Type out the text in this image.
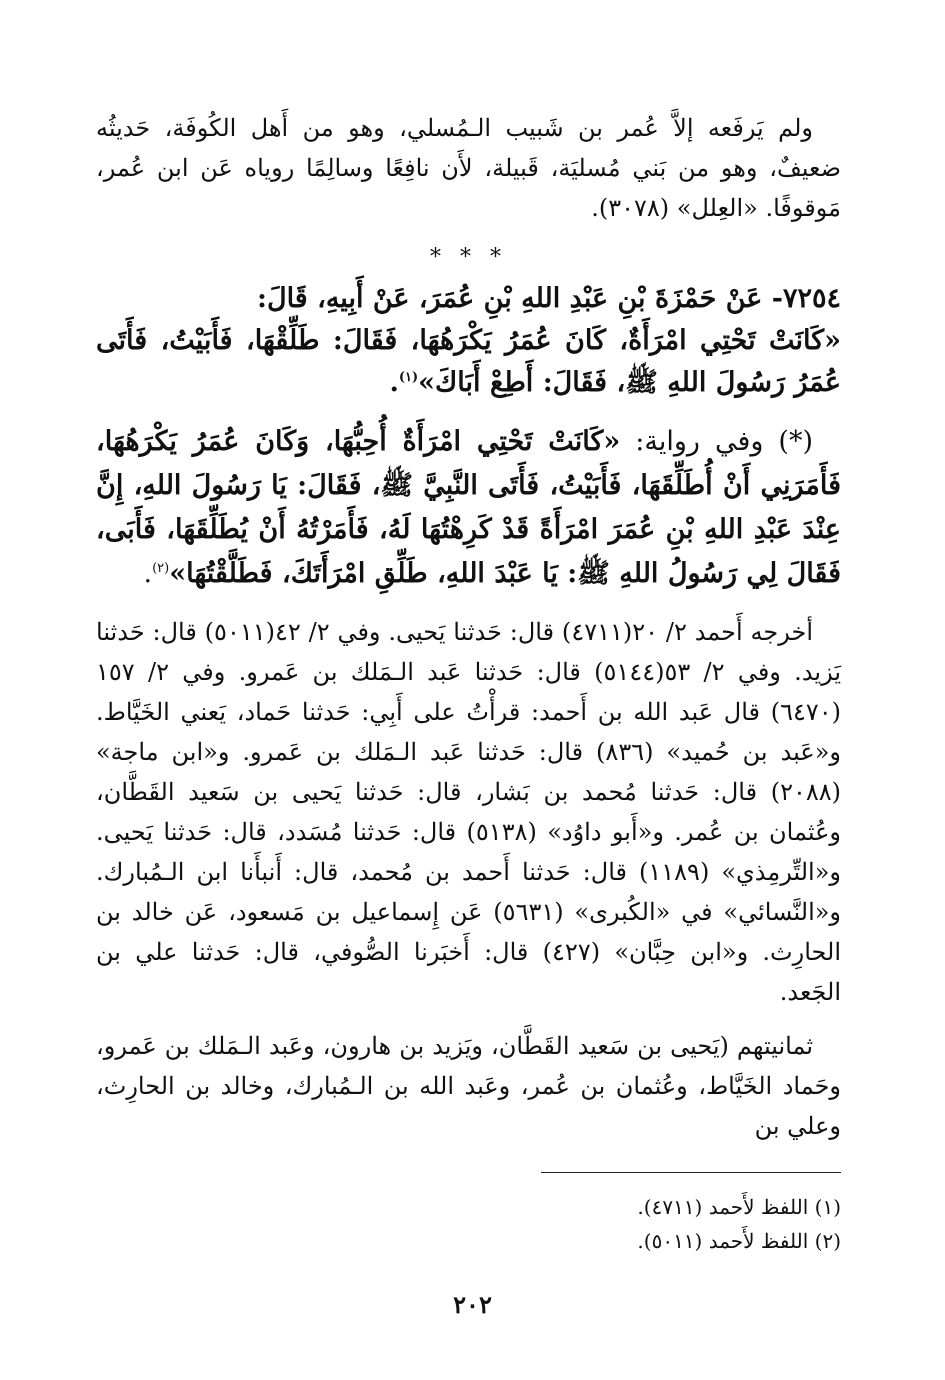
ولم يَرفَعه إلاَّ عُمر بن شَبيب الـمُسلي، وهو من أَهل الكُوفَة، حَديثُه ضعيفٌ، وهو من بَني مُسليَة، قَبيلة، لأَن نافِعًا وسالِمًا روياه عَن ابن عُمر، مَوقوفًا. «العِلل» (٣٠٧٨).

* * *

٧٢٥٤- عَنْ حَمْزَةَ بْنِ عَبْدِ اللهِ بْنِ عُمَرَ، عَنْ أَبِيهِ، قَالَ:

«كَانَتْ تَحْتِي امْرَأَةٌ، كَانَ عُمَرُ يَكْرَهُهَا، فَقَالَ: طَلِّقْهَا، فَأَبَيْتُ، فَأَتَى عُمَرُ رَسُولَ اللهِ ﷺ، فَقَالَ: أَطِعْ أَبَاكَ»$^{(١)}$.

(*) وفي رواية: «كَانَتْ تَحْتِي امْرَأَةٌ أُحِبُّهَا، وَكَانَ عُمَرُ يَكْرَهُهَا، فَأَمَرَنِي أَنْ أُطَلِّقَهَا، فَأَبَيْتُ، فَأَتَى النَّبِيَّ ﷺ، فَقَالَ: يَا رَسُولَ اللهِ، إِنَّ عِنْدَ عَبْدِ اللهِ بْنِ عُمَرَ امْرَأَةً قَدْ كَرِهْتُهَا لَهُ، فَأَمَرْتُهُ أَنْ يُطَلِّقَهَا، فَأَبَى، فَقَالَ لِي رَسُولُ اللهِ ﷺ: يَا عَبْدَ اللهِ، طَلِّقِ امْرَأَتَكَ، فَطَلَّقْتُهَا»$^{(٢)}$.

أخرجه أَحمد ٢/ ٢٠(٤٧١١) قال: حَدثنا يَحيى. وفي ٢/ ٤٢(٥٠١١) قال: حَدثنا يَزيد. وفي ٢/ ٥٣(٥١٤٤) قال: حَدثنا عَبد الـمَلك بن عَمرو. وفي ٢/ ١٥٧ (٦٤٧٠) قال عَبد الله بن أَحمد: قرأْتُ على أَبِي: حَدثنا حَماد، يَعني الخَيَّاط. و«عَبد بن حُميد» (٨٣٦) قال: حَدثنا عَبد الـمَلك بن عَمرو. و«ابن ماجة» (٢٠٨٨) قال: حَدثنا مُحمد بن بَشار، قال: حَدثنا يَحيى بن سَعيد القَطَّان، وعُثمان بن عُمر. و«أَبو داوُد» (٥١٣٨) قال: حَدثنا مُسَدد، قال: حَدثنا يَحيى. و«التِّرمِذي» (١١٨٩) قال: حَدثنا أَحمد بن مُحمد، قال: أَنبأَنا ابن الـمُبارك. و«النَّسائي» في «الكُبرى» (٥٦٣١) عَن إِسماعيل بن مَسعود، عَن خالد بن الحارِث. و«ابن حِبَّان» (٤٢٧) قال: أَخبَرنا الصُّوفي، قال: حَدثنا علي بن الجَعد.

ثمانيتهم (يَحيى بن سَعيد القَطَّان، ويَزيد بن هارون، وعَبد الـمَلك بن عَمرو، وحَماد الخَيَّاط، وعُثمان بن عُمر، وعَبد الله بن الـمُبارك، وخالد بن الحارِث، وعلي بن

(١) اللفظ لأَحمد (٤٧١١).
(٢) اللفظ لأَحمد (٥٠١١).
٢٠٢
